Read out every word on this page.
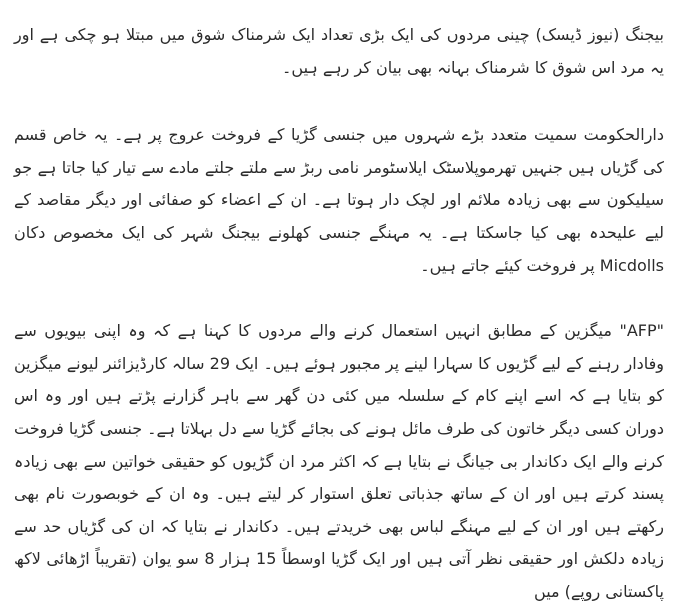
بیجنگ (نیوز ڈیسک) چینی مردوں کی ایک بڑی تعداد ایک شرمناک شوق میں مبتلا ہو چکی ہے اور یہ مرد اس شوق کا شرمناک بہانہ بھی بیان کر رہے ہیں۔

دارالحکومت سمیت متعدد بڑے شہروں میں جنسی گڑیا کے فروخت عروج پر ہے۔ یہ خاص قسم کی گڑیاں ہیں جنہیں تھرموپلاسٹک ایلاسٹومر نامی ربڑ سے ملتے جلتے مادے سے تیار کیا جاتا ہے جو سیلیکون سے بھی زیادہ ملائم اور لچک دار ہوتا ہے۔ ان کے اعضاء کو صفائی اور دیگر مقاصد کے لیے علیحدہ بھی کیا جاسکتا ہے۔ یہ مہنگے جنسی کھلونے بیجنگ شہر کی ایک مخصوص دکان Micdolls پر فروخت کیئے جاتے ہیں۔

"AFP" میگزین کے مطابق انہیں استعمال کرنے والے مردوں کا کہنا ہے کہ وہ اپنی بیویوں سے وفادار رہنے کے لیے گڑیوں کا سہارا لینے پر مجبور ہوئے ہیں۔ ایک 29 سالہ کارڈیزائنر لیونے میگزین کو بتایا ہے کہ اسے اپنے کام کے سلسلہ میں کئی دن گھر سے باہر گزارنے پڑتے ہیں اور وہ اس دوران کسی دیگر خاتون کی طرف مائل ہونے کی بجائے گڑیا سے دل بہلاتا ہے۔ جنسی گڑیا فروخت کرنے والے ایک دکاندار بی جیانگ نے بتایا ہے کہ اکثر مرد ان گڑیوں کو حقیقی خواتین سے بھی زیادہ پسند کرتے ہیں اور ان کے ساتھ جذباتی تعلق استوار کر لیتے ہیں۔ وہ ان کے خوبصورت نام بھی رکھتے ہیں اور ان کے لیے مہنگے لباس بھی خریدتے ہیں۔ دکاندار نے بتایا کہ ان کی گڑیاں حد سے زیادہ دلکش اور حقیقی نظر آتی ہیں اور ایک گڑیا اوسطاً 15 ہزار 8 سو یوان (تقریباً اڑھائی لاکھ پاکستانی روپے) میں
